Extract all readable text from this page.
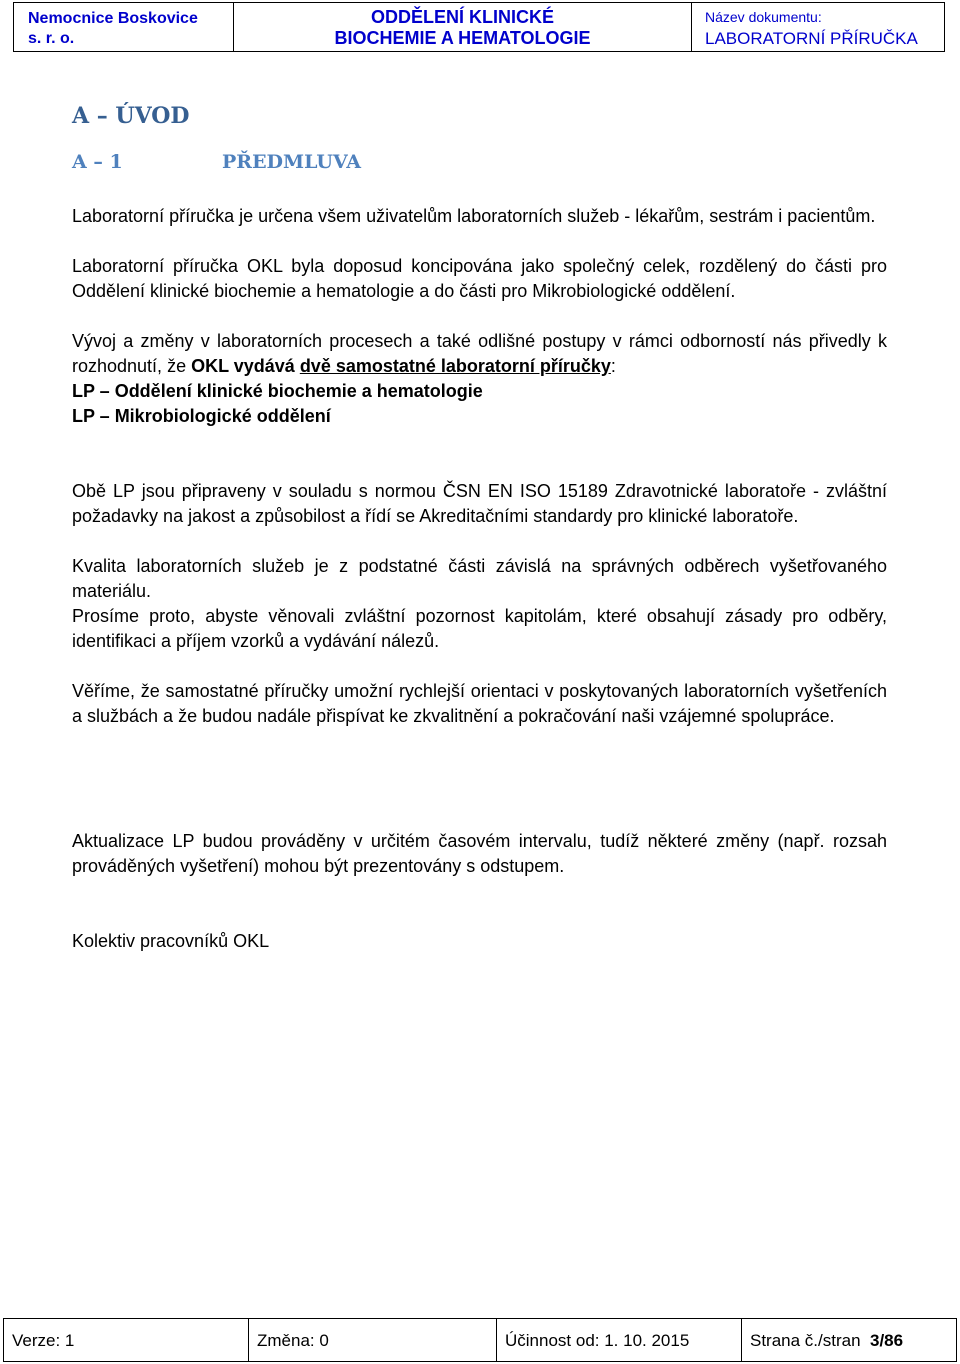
Nemocnice Boskovice
s. r. o.
ODDĚLENÍ KLINICKÉ
BIOCHEMIE A HEMATOLOGIE
Název dokumentu:
LABORATORNÍ PŘÍRUČKA
A – ÚVOD
A – 1	PŘEDMLUVA

Laboratorní příručka je určena všem uživatelům laboratorních služeb - lékařům, sestrám i pacientům.

Laboratorní příručka OKL byla doposud koncipována jako společný celek, rozdělený do části pro     Oddělení klinické biochemie a hematologie a do části pro Mikrobiologické oddělení.

Vývoj a změny v laboratorních procesech a také odlišné postupy v rámci odborností nás přivedly k rozhodnutí, že OKL vydává dvě samostatné laboratorní příručky:

LP – Oddělení klinické biochemie a hematologie

LP – Mikrobiologické oddělení

Obě LP jsou připraveny v souladu s normou ČSN EN ISO 15189 Zdravotnické laboratoře - zvláštní požadavky na jakost a způsobilost a řídí se Akreditačními standardy pro klinické laboratoře.

Kvalita laboratorních služeb je z podstatné části závislá na správných odběrech vyšetřovaného materiálu.

Prosíme proto, abyste věnovali zvláštní pozornost kapitolám, které obsahují zásady pro odběry, identifikaci a příjem vzorků a vydávání nálezů.

Věříme, že samostatné příručky umožní rychlejší orientaci v poskytovaných laboratorních vyšetřeních a službách a že budou nadále přispívat ke zkvalitnění a pokračování naši vzájemné spolupráce.

Aktualizace LP budou prováděny v určitém časovém intervalu, tudíž některé změny (např. rozsah prováděných vyšetření) mohou být prezentovány s odstupem.

Kolektiv pracovníků OKL

Verze: 1	Změna: 0	Účinnost od: 1. 10. 2015	Strana č./stran  3/86
